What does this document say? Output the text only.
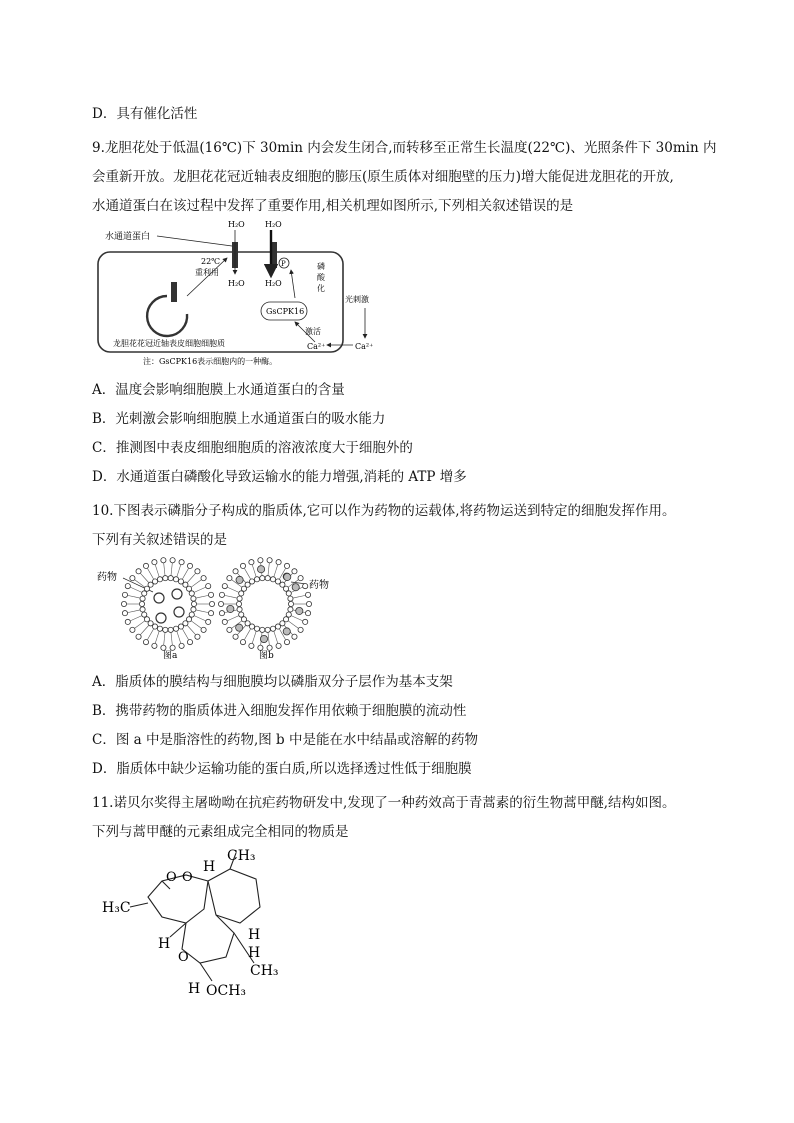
D．具有催化活性
9.龙胆花处于低温(16℃)下 30min 内会发生闭合,而转移至正常生长温度(22℃)、光照条件下 30min 内
会重新开放。龙胆花花冠近轴表皮细胞的膨压(原生质体对细胞壁的压力)增大能促进龙胆花的开放,
水通道蛋白在该过程中发挥了重要作用,相关机理如图所示,下列相关叙述错误的是
水通道蛋白
H₂O
H₂O
H₂O
H₂O
P	磷
酸
化
22℃
重利用
GsCPK16
激活
Ca²⁺
光刺激
Ca²⁺
龙胆花花冠近轴表皮细胞细胞质
注：GsCPK16表示细胞内的一种酶。
A．温度会影响细胞膜上水通道蛋白的含量
B．光刺激会影响细胞膜上水通道蛋白的吸水能力
C．推测图中表皮细胞细胞质的溶液浓度大于细胞外的
D．水通道蛋白磷酸化导致运输水的能力增强,消耗的 ATP 增多
10.下图表示磷脂分子构成的脂质体,它可以作为药物的运载体,将药物运送到特定的细胞发挥作用。
下列有关叙述错误的是
药物
药物
图a	图b
A．脂质体的膜结构与细胞膜均以磷脂双分子层作为基本支架
B．携带药物的脂质体进入细胞发挥作用依赖于细胞膜的流动性
C．图 a 中是脂溶性的药物,图 b 中是能在水中结晶或溶解的药物
D．脂质体中缺少运输功能的蛋白质,所以选择透过性低于细胞膜
11.诺贝尔奖得主屠呦呦在抗疟药物研发中,发现了一种药效高于青蒿素的衍生物蒿甲醚,结构如图。
下列与蒿甲醚的元素组成完全相同的物质是
H
CH₃
H₃C
O O
H
H
H
O
CH₃
H OCH₃
